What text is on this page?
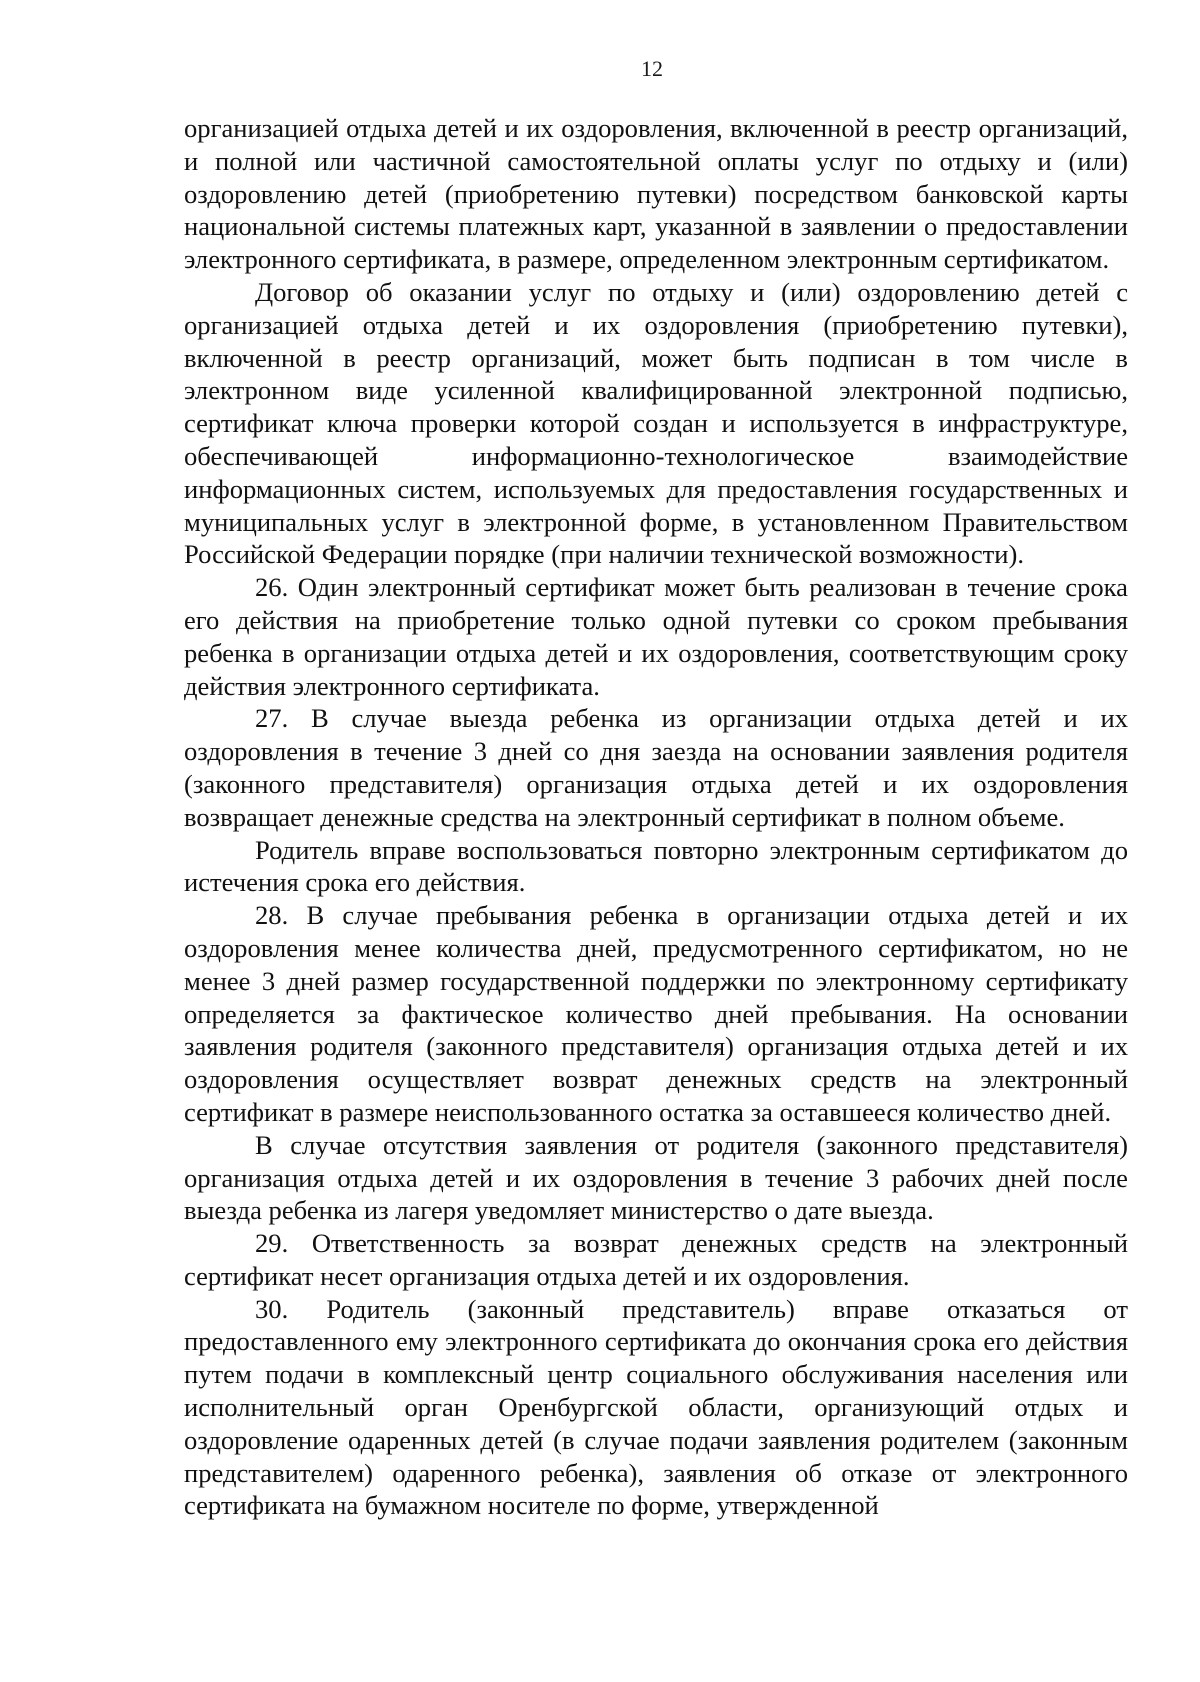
12

организацией отдыха детей и их оздоровления, включенной в реестр организаций, и полной или частичной самостоятельной оплаты услуг по отдыху и (или) оздоровлению детей (приобретению путевки) посредством банковской карты национальной системы платежных карт, указанной в заявлении о предоставлении электронного сертификата, в размере, определенном электронным сертификатом.

Договор об оказании услуг по отдыху и (или) оздоровлению детей с организацией отдыха детей и их оздоровления (приобретению путевки), включенной в реестр организаций, может быть подписан в том числе в электронном виде усиленной квалифицированной электронной подписью, сертификат ключа проверки которой создан и используется в инфраструктуре, обеспечивающей информационно-технологическое взаимодействие информационных систем, используемых для предоставления государственных и муниципальных услуг в электронной форме, в установленном Правительством Российской Федерации порядке (при наличии технической возможности).

26. Один электронный сертификат может быть реализован в течение срока его действия на приобретение только одной путевки со сроком пребывания ребенка в организации отдыха детей и их оздоровления, соответствующим сроку действия электронного сертификата.

27. В случае выезда ребенка из организации отдыха детей и их оздоровления в течение 3 дней со дня заезда на основании заявления родителя (законного представителя) организация отдыха детей и их оздоровления возвращает денежные средства на электронный сертификат в полном объеме.

Родитель вправе воспользоваться повторно электронным сертификатом до истечения срока его действия.

28. В случае пребывания ребенка в организации отдыха детей и их оздоровления менее количества дней, предусмотренного сертификатом, но не менее 3 дней размер государственной поддержки по электронному сертификату определяется за фактическое количество дней пребывания. На основании заявления родителя (законного представителя) организация отдыха детей и их оздоровления осуществляет возврат денежных средств на электронный сертификат в размере неиспользованного остатка за оставшееся количество дней.

В случае отсутствия заявления от родителя (законного представителя) организация отдыха детей и их оздоровления в течение 3 рабочих дней после выезда ребенка из лагеря уведомляет министерство о дате выезда.

29. Ответственность за возврат денежных средств на электронный сертификат несет организация отдыха детей и их оздоровления.

30. Родитель (законный представитель) вправе отказаться от предоставленного ему электронного сертификата до окончания срока его действия путем подачи в комплексный центр социального обслуживания населения или исполнительный орган Оренбургской области, организующий отдых и оздоровление одаренных детей (в случае подачи заявления родителем (законным представителем) одаренного ребенка), заявления об отказе от электронного сертификата на бумажном носителе по форме, утвержденной
